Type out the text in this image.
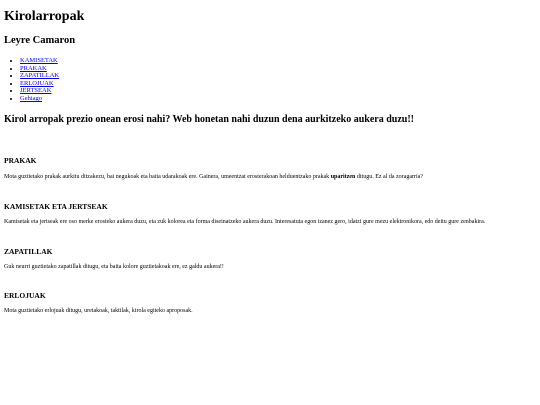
Kirolarropak
Leyre Camaron
• KAMISETAK
• PRAKAK
• ZAPATILLAK
• ERLOJUAK
• JERTSEAK
• Gehiago

Kirol arropak prezio onean erosi nahi? Web honetan nahi duzun dena aurkitzeko aukera duzu!!

PRAKAK

Mota guztietako prakak aurkitu ditzakezu, bai negukoak eta baita udarakoak ere. Gainera, umeentzat erosterakoan helduentzako prakak uparitzen ditugu. Ez al da zoragarria?

KAMISETAK ETA JERTSEAK

Kamisetak eta jertseak ere oso merke erosteko aukera duzu, eta zuk kolorea eta forma diseinatzeko aukera duzu. Interesatuta egon izanez gero, idatzi gure mezu elektronikora, edo deitu gure zenbakira.

ZAPATILLAK

Guk neurri guztietako zapatillak ditugu, eta baita kolore guztietakoak ere, ez galdu aukera!!

ERLOJUAK

Mota guztietako erlojuak ditugu, uretakoak, taktilak, kirola egiteko aproposak.
